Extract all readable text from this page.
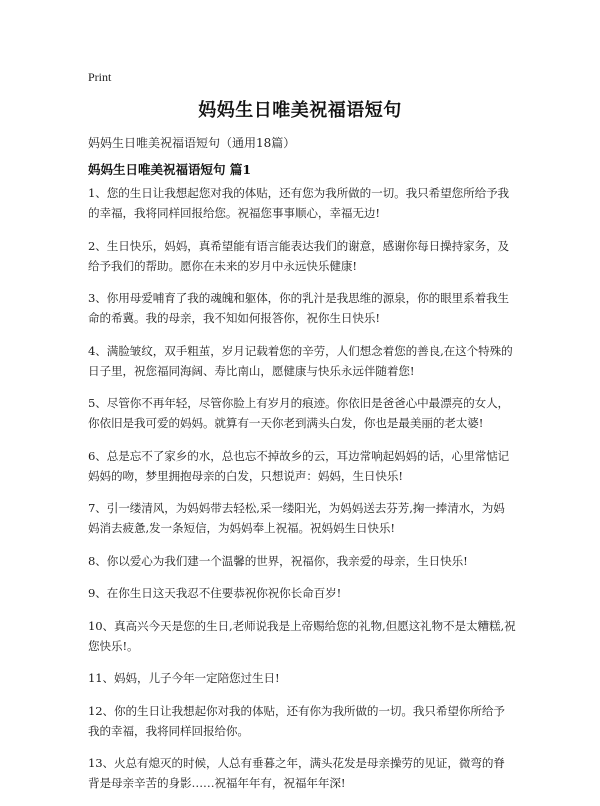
Print
妈妈生日唯美祝福语短句
妈妈生日唯美祝福语短句（通用18篇）
妈妈生日唯美祝福语短句 篇1

1、您的生日让我想起您对我的体贴，还有您为我所做的一切。我只希望您所给予我的幸福，我将同样回报给您。祝福您事事顺心，幸福无边!

2、生日快乐，妈妈，真希望能有语言能表达我们的谢意，感谢你每日操持家务，及给予我们的帮助。愿你在未来的岁月中永远快乐健康!

3、你用母爱哺育了我的魂魄和躯体，你的乳汁是我思维的源泉，你的眼里系着我生命的希冀。我的母亲，我不知如何报答你，祝你生日快乐!

4、满脸皱纹，双手粗茧，岁月记载着您的辛劳，人们想念着您的善良,在这个特殊的日子里，祝您福同海阔、寿比南山，愿健康与快乐永远伴随着您!

5、尽管你不再年轻，尽管你脸上有岁月的痕迹。你依旧是爸爸心中最漂亮的女人，你依旧是我可爱的妈妈。就算有一天你老到满头白发，你也是最美丽的老太婆!

6、总是忘不了家乡的水，总也忘不掉故乡的云，耳边常响起妈妈的话，心里常惦记妈妈的吻，梦里拥抱母亲的白发，只想说声：妈妈，生日快乐!

7、引一缕清风，为妈妈带去轻松,采一缕阳光，为妈妈送去芬芳,掬一捧清水，为妈妈消去疲惫,发一条短信，为妈妈奉上祝福。祝妈妈生日快乐!

8、你以爱心为我们建一个温馨的世界，祝福你，我亲爱的母亲，生日快乐!

9、在你生日这天我忍不住要恭祝你祝你长命百岁!

10、真高兴今天是您的生日,老师说我是上帝赐给您的礼物,但愿这礼物不是太糟糕,祝您快乐!。

11、妈妈，儿子今年一定陪您过生日!

12、你的生日让我想起你对我的体贴，还有你为我所做的一切。我只希望你所给予我的幸福，我将同样回报给你。

13、火总有熄灭的时候，人总有垂暮之年，满头花发是母亲操劳的见证，微弯的脊背是母亲辛苦的身影……祝福年年有，祝福年年深!
